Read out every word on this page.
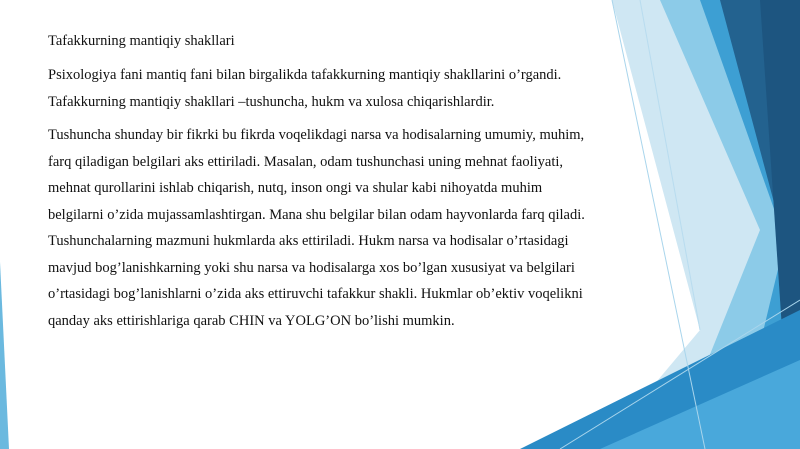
Tafakkurning mantiqiy shakllari

Psixologiya fani mantiq fani bilan birgalikda tafakkurning mantiqiy shakllarini o’rgandi. Tafakkurning mantiqiy shakllari –tushuncha, hukm va xulosa chiqarishlardir.

Tushuncha shunday bir fikrki bu fikrda voqelikdagi narsa va hodisalarning umumiy, muhim, farq qiladigan belgilari aks ettiriladi. Masalan, odam tushunchasi uning mehnat faoliyati, mehnat qurollarini ishlab chiqarish, nutq, inson ongi va shular kabi nihoyatda muhim belgilarni o’zida mujassamlashtirgan. Mana shu belgilar bilan odam hayvonlarda farq qiladi. Tushunchalarning mazmuni hukmlarda aks ettiriladi. Hukm narsa va hodisalar o’rtasidagi mavjud bog’lanishkarning yoki shu narsa va hodisalarga xos bo’lgan xususiyat va belgilari o’rtasidagi bog’lanishlarni o’zida aks ettiruvchi tafakkur shakli. Hukmlar ob’ektiv voqelikni qanday aks ettirishlariga qarab CHIN va YOLG’ON bo’lishi mumkin.
